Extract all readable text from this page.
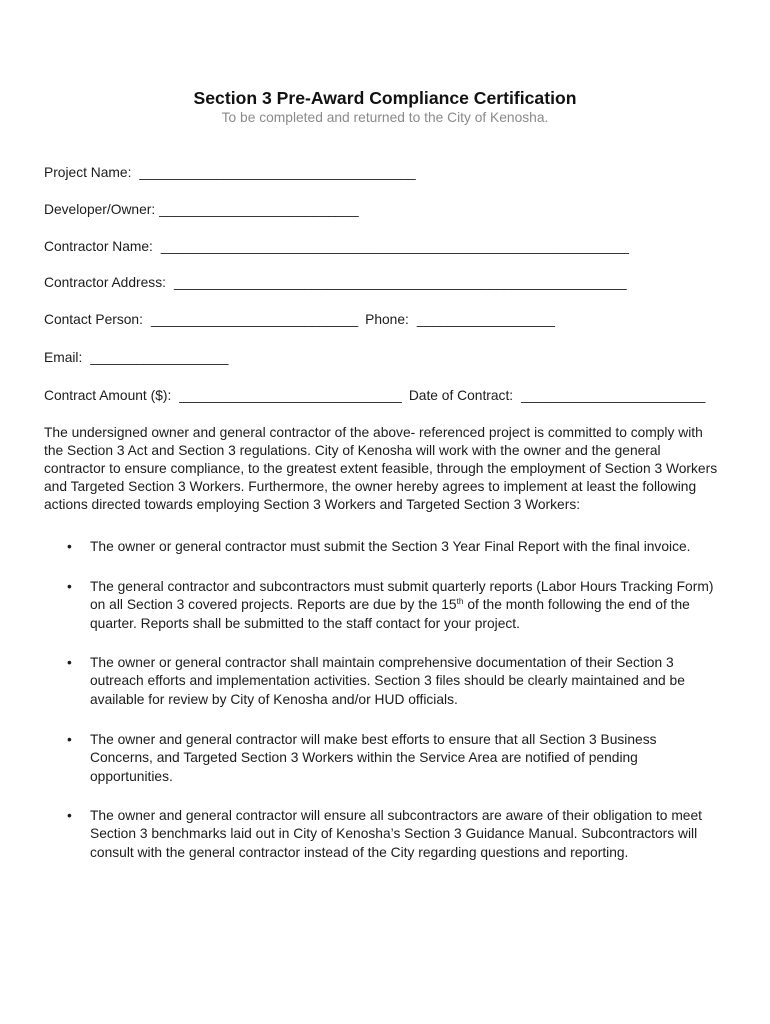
Section 3 Pre-Award Compliance Certification
To be completed and returned to the City of Kenosha.
Project Name: ____________________________________
Developer/Owner: __________________________
Contractor Name: _____________________________________________________________
Contractor Address: ___________________________________________________________
Contact Person: ___________________________ Phone: __________________
Email: __________________
Contract Amount ($): _____________________________ Date of Contract: ________________________

The undersigned owner and general contractor of the above- referenced project is committed to comply with the Section 3 Act and Section 3 regulations. City of Kenosha will work with the owner and the general contractor to ensure compliance, to the greatest extent feasible, through the employment of Section 3 Workers and Targeted Section 3 Workers. Furthermore, the owner hereby agrees to implement at least the following actions directed towards employing Section 3 Workers and Targeted Section 3 Workers:

• The owner or general contractor must submit the Section 3 Year Final Report with the final invoice.
• The general contractor and subcontractors must submit quarterly reports (Labor Hours Tracking Form) on all Section 3 covered projects. Reports are due by the 15th of the month following the end of the quarter. Reports shall be submitted to the staff contact for your project.
• The owner or general contractor shall maintain comprehensive documentation of their Section 3 outreach efforts and implementation activities. Section 3 files should be clearly maintained and be available for review by City of Kenosha and/or HUD officials.
• The owner and general contractor will make best efforts to ensure that all Section 3 Business Concerns, and Targeted Section 3 Workers within the Service Area are notified of pending opportunities.
• The owner and general contractor will ensure all subcontractors are aware of their obligation to meet Section 3 benchmarks laid out in City of Kenosha’s Section 3 Guidance Manual. Subcontractors will consult with the general contractor instead of the City regarding questions and reporting.
